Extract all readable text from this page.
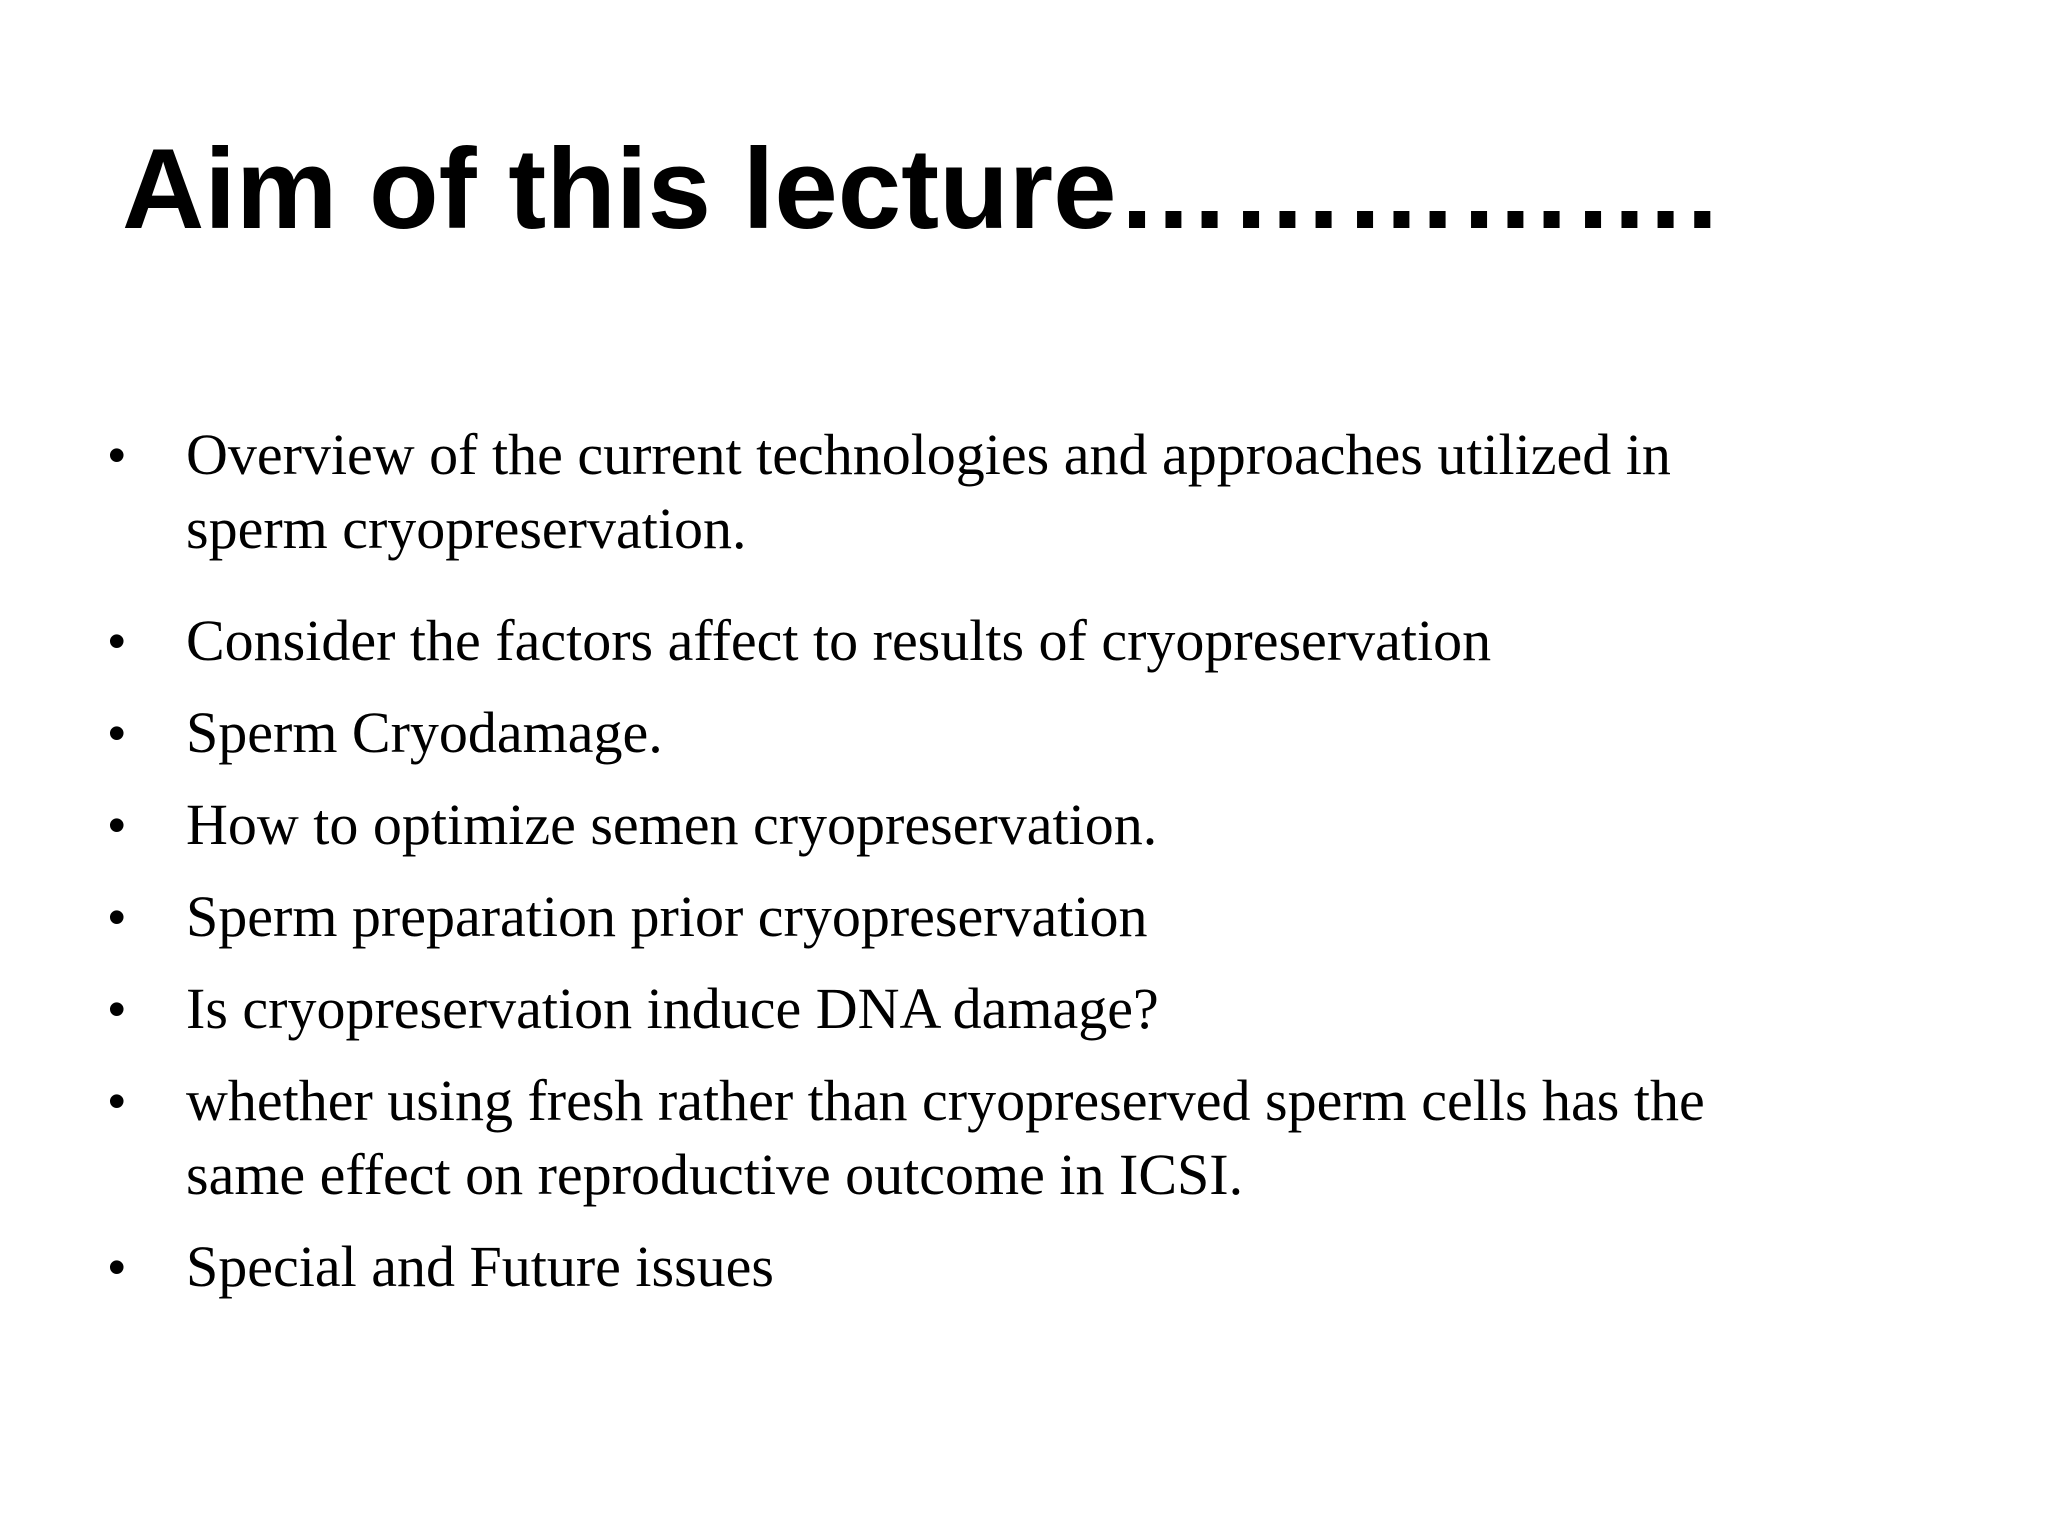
Aim of this lecture…………….
•	Overview of the current technologies and approaches utilized in
sperm cryopreservation.
•	Consider the factors affect to results of cryopreservation
•	Sperm Cryodamage.
•	How to optimize semen cryopreservation.
•	Sperm preparation prior cryopreservation
•	Is cryopreservation induce DNA damage?
•	whether using fresh rather than cryopreserved sperm cells has the
same effect on reproductive outcome in ICSI.
•	Special and Future issues
